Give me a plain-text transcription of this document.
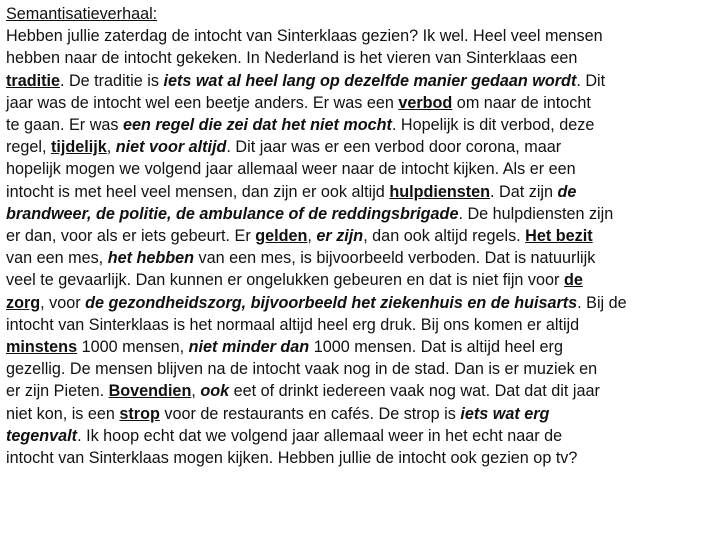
Semantisatieverhaal:
Hebben jullie zaterdag de intocht van Sinterklaas gezien? Ik wel. Heel veel mensen
hebben naar de intocht gekeken. In Nederland is het vieren van Sinterklaas een
traditie. De traditie is iets wat al heel lang op dezelfde manier gedaan wordt. Dit
jaar was de intocht wel een beetje anders. Er was een verbod om naar de intocht
te gaan. Er was een regel die zei dat het niet mocht. Hopelijk is dit verbod, deze
regel, tijdelijk, niet voor altijd. Dit jaar was er een verbod door corona, maar
hopelijk mogen we volgend jaar allemaal weer naar de intocht kijken. Als er een
intocht is met heel veel mensen, dan zijn er ook altijd hulpdiensten. Dat zijn de
brandweer, de politie, de ambulance of de reddingsbrigade. De hulpdiensten zijn
er dan, voor als er iets gebeurt. Er gelden, er zijn, dan ook altijd regels. Het bezit
van een mes, het hebben van een mes, is bijvoorbeeld verboden. Dat is natuurlijk
veel te gevaarlijk. Dan kunnen er ongelukken gebeuren en dat is niet fijn voor de
zorg, voor de gezondheidszorg, bijvoorbeeld het ziekenhuis en de huisarts. Bij de
intocht van Sinterklaas is het normaal altijd heel erg druk. Bij ons komen er altijd
minstens 1000 mensen, niet minder dan 1000 mensen. Dat is altijd heel erg
gezellig. De mensen blijven na de intocht vaak nog in de stad. Dan is er muziek en
er zijn Pieten. Bovendien, ook eet of drinkt iedereen vaak nog wat. Dat dat dit jaar
niet kon, is een strop voor de restaurants en cafés. De strop is iets wat erg
tegenvalt. Ik hoop echt dat we volgend jaar allemaal weer in het echt naar de
intocht van Sinterklaas mogen kijken. Hebben jullie de intocht ook gezien op tv?
